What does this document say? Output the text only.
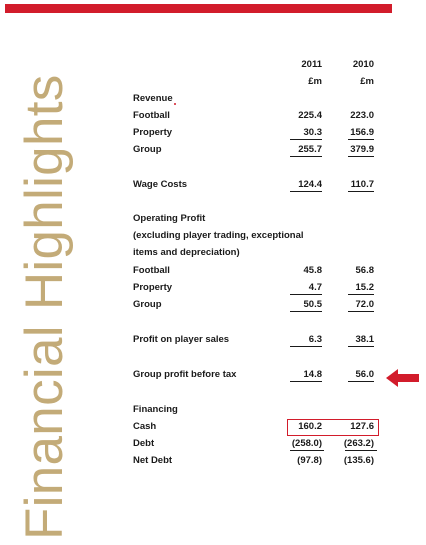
Financial Highlights
2011	2010
£m	£m
Revenue
Football	225.4	223.0
Property	30.3	156.9
Group	255.7	379.9
Wage Costs	124.4	110.7
Operating Profit
(excluding player trading, exceptional
items and depreciation)
Football	45.8	56.8
Property	4.7	15.2
Group	50.5	72.0
Profit on player sales	6.3	38.1
Group profit before tax	14.8	56.0
Financing
Cash	160.2	127.6
Debt	(258.0)	(263.2)
Net Debt	(97.8)	(135.6)
